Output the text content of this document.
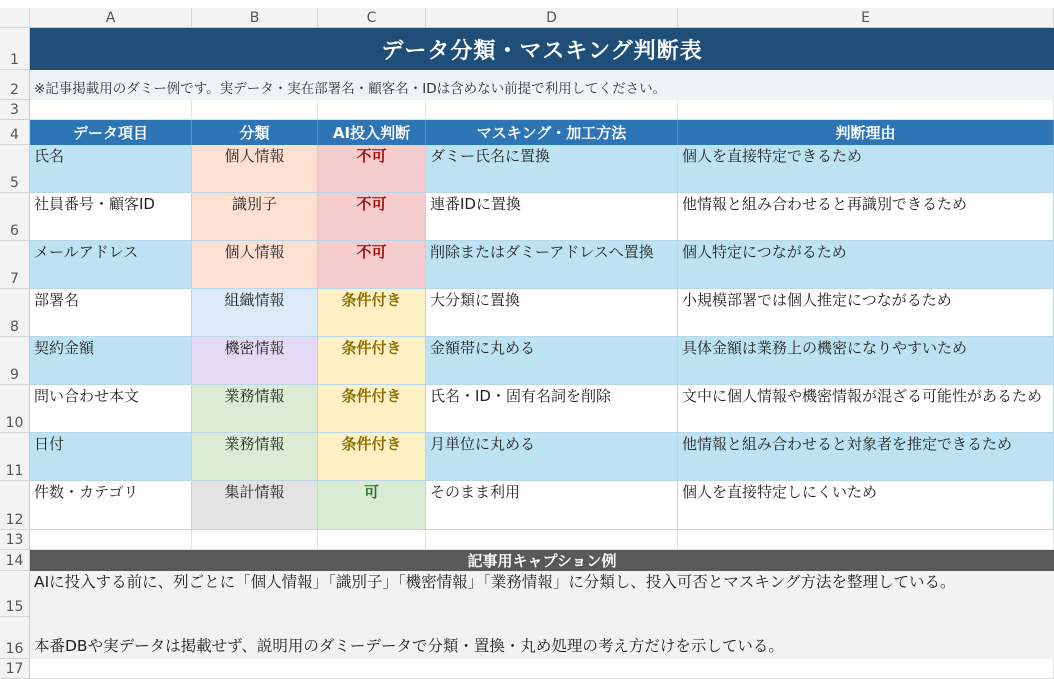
A	B	C	D	E
1
2
3
4
5
6
7
8
9
10
11
12
13
14
15
16
17
データ分類・マスキング判断表
※記事掲載用のダミー例です。実データ・実在部署名・顧客名・IDは含めない前提で利用してください。
データ項目	分類	AI投入判断	マスキング・加工方法	判断理由
氏名	個人情報	不可	ダミー氏名に置換	個人を直接特定できるため
社員番号・顧客ID	識別子	不可	連番IDに置換	他情報と組み合わせると再識別できるため
メールアドレス	個人情報	不可	削除またはダミーアドレスへ置換	個人特定につながるため
部署名	組織情報	条件付き	大分類に置換	小規模部署では個人推定につながるため
契約金額	機密情報	条件付き	金額帯に丸める	具体金額は業務上の機密になりやすいため
問い合わせ本文	業務情報	条件付き	氏名・ID・固有名詞を削除	文中に個人情報や機密情報が混ざる可能性があるため
日付	業務情報	条件付き	月単位に丸める	他情報と組み合わせると対象者を推定できるため
件数・カテゴリ	集計情報	可	そのまま利用	個人を直接特定しにくいため
記事用キャプション例
AIに投入する前に、列ごとに「個人情報」「識別子」「機密情報」「業務情報」に分類し、投入可否とマスキング方法を整理している。
本番DBや実データは掲載せず、説明用のダミーデータで分類・置換・丸め処理の考え方だけを示している。
